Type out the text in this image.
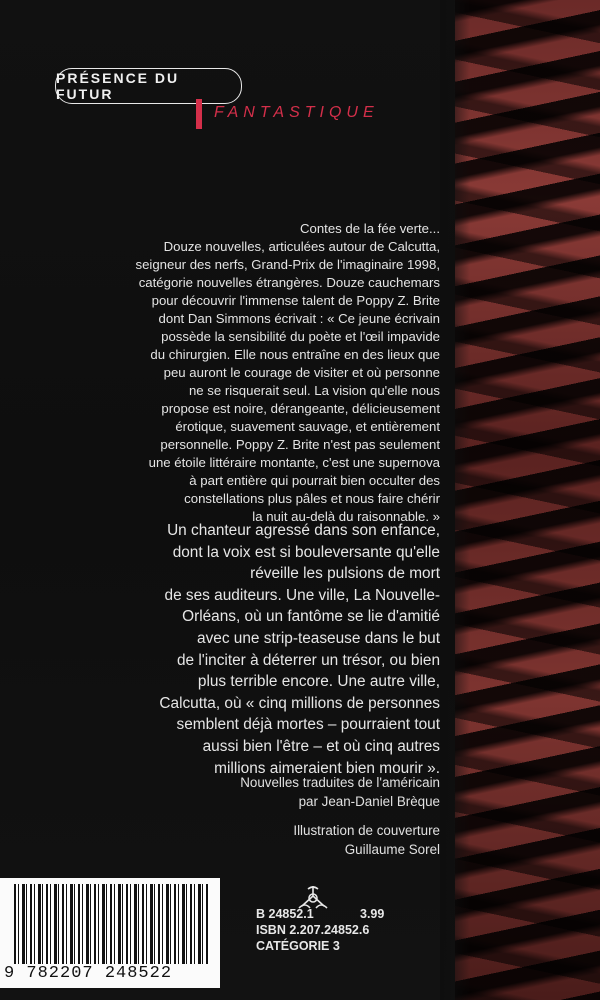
PRÉSENCE DU FUTUR
FANTASTIQUE
Contes de la fée verte...
Douze nouvelles, articulées autour de Calcutta,
seigneur des nerfs, Grand-Prix de l'imaginaire 1998,
catégorie nouvelles étrangères. Douze cauchemars
pour découvrir l'immense talent de Poppy Z. Brite
dont Dan Simmons écrivait : « Ce jeune écrivain
possède la sensibilité du poète et l'œil impavide
du chirurgien. Elle nous entraîne en des lieux que
peu auront le courage de visiter et où personne
ne se risquerait seul. La vision qu'elle nous
propose est noire, dérangeante, délicieusement
érotique, suavement sauvage, et entièrement
personnelle. Poppy Z. Brite n'est pas seulement
une étoile littéraire montante, c'est une supernova
à part entière qui pourrait bien occulter des
constellations plus pâles et nous faire chérir
la nuit au-delà du raisonnable. »
Un chanteur agressé dans son enfance,
dont la voix est si bouleversante qu'elle
réveille les pulsions de mort
de ses auditeurs. Une ville, La Nouvelle-
Orléans, où un fantôme se lie d'amitié
avec une strip-teaseuse dans le but
de l'inciter à déterrer un trésor, ou bien
plus terrible encore. Une autre ville,
Calcutta, où « cinq millions de personnes
semblent déjà mortes – pourraient tout
aussi bien l'être – et où cinq autres
millions aimeraient bien mourir ».
Nouvelles traduites de l'américain
par Jean-Daniel Brèque
Illustration de couverture
Guillaume Sorel
9 782207 248522
B 24852.1	3.99
ISBN 2.207.24852.6
CATÉGORIE 3
